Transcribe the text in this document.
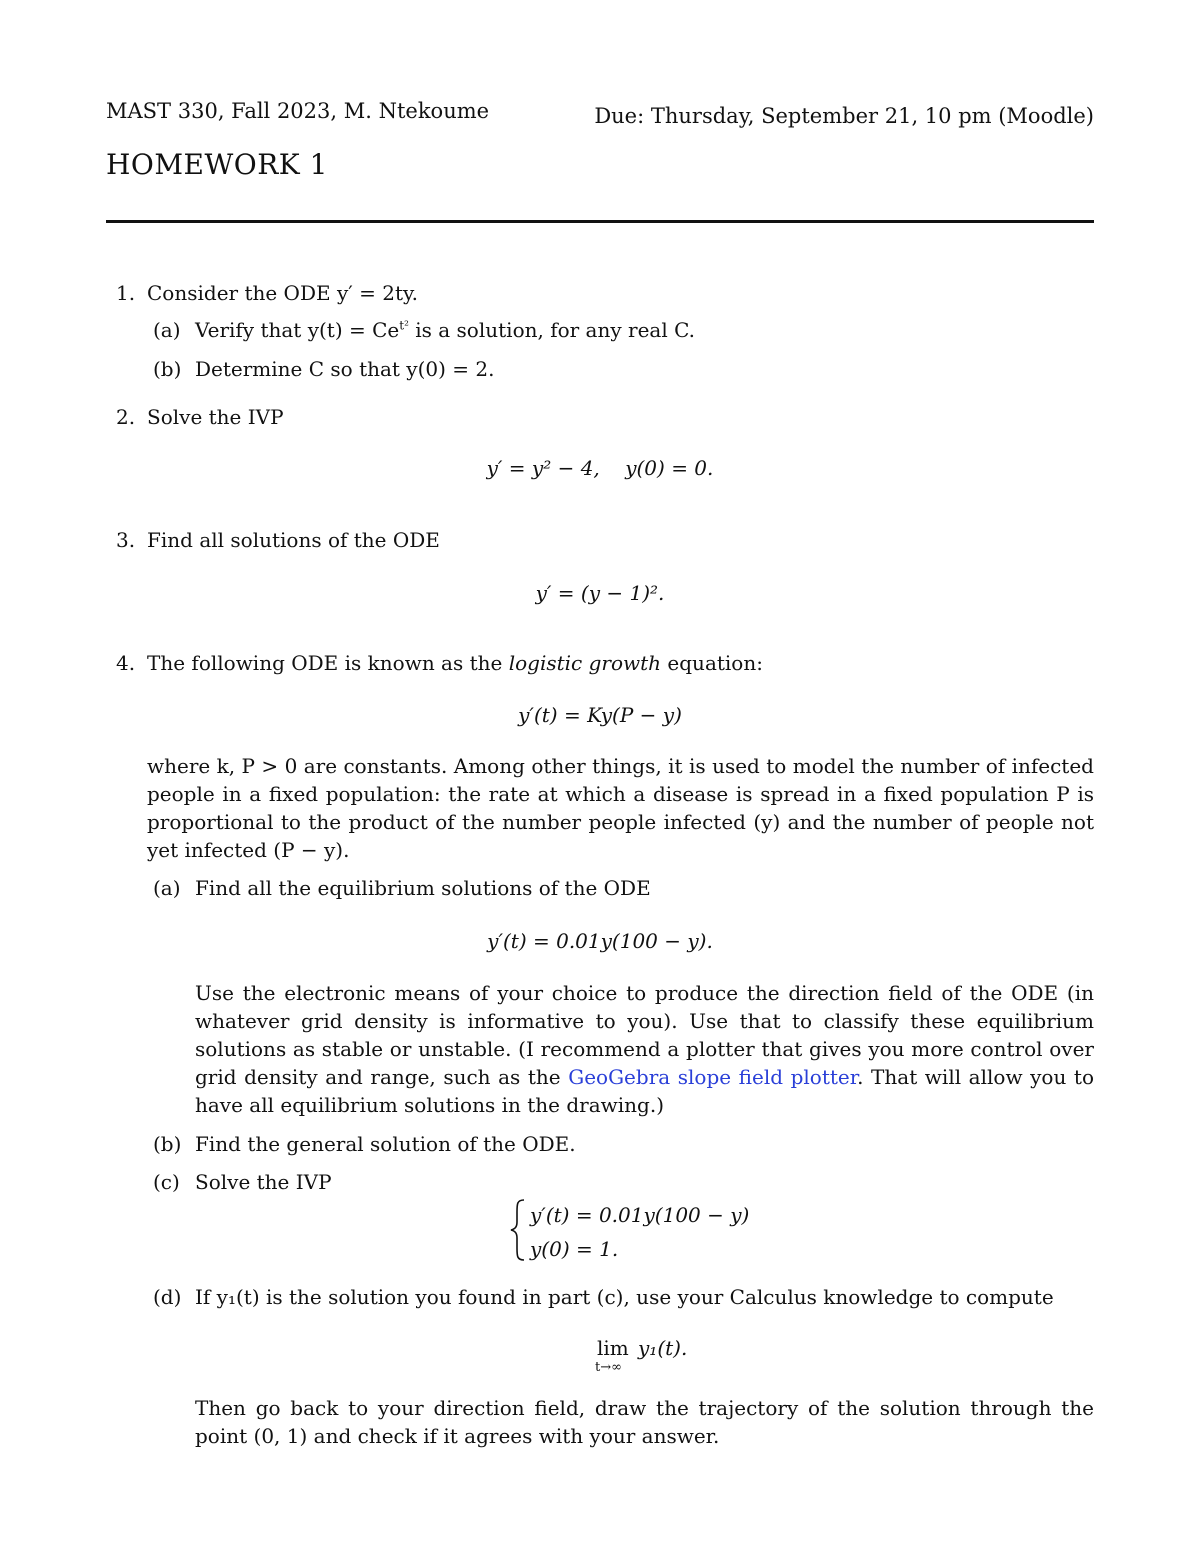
MAST 330, Fall 2023, M. Ntekoume	Due: Thursday, September 21, 10 pm (Moodle)
HOMEWORK 1
1. Consider the ODE y′ = 2ty.
(a) Verify that $y(t) = Ce^{t^2}$ is a solution, for any real C.
(b) Determine C so that y(0) = 2.
2. Solve the IVP
y′ = y² − 4,    y(0) = 0.
3. Find all solutions of the ODE
y′ = (y − 1)².
4. The following ODE is known as the logistic growth equation:
y′(t) = Ky(P − y)
where k, P > 0 are constants. Among other things, it is used to model the number of infected people in a fixed population: the rate at which a disease is spread in a fixed population P is proportional to the product of the number people infected (y) and the number of people not yet infected (P − y).
(a) Find all the equilibrium solutions of the ODE
y′(t) = 0.01y(100 − y).
Use the electronic means of your choice to produce the direction field of the ODE (in whatever grid density is informative to you). Use that to classify these equilibrium solutions as stable or unstable. (I recommend a plotter that gives you more control over grid density and range, such as the GeoGebra slope field plotter. That will allow you to have all equilibrium solutions in the drawing.)
(b) Find the general solution of the ODE.
(c) Solve the IVP
y′(t) = 0.01y(100 − y)
y(0) = 1.
(d) If y₁(t) is the solution you found in part (c), use your Calculus knowledge to compute
lim
t→∞
y₁(t).
Then go back to your direction field, draw the trajectory of the solution through the point (0, 1) and check if it agrees with your answer.
